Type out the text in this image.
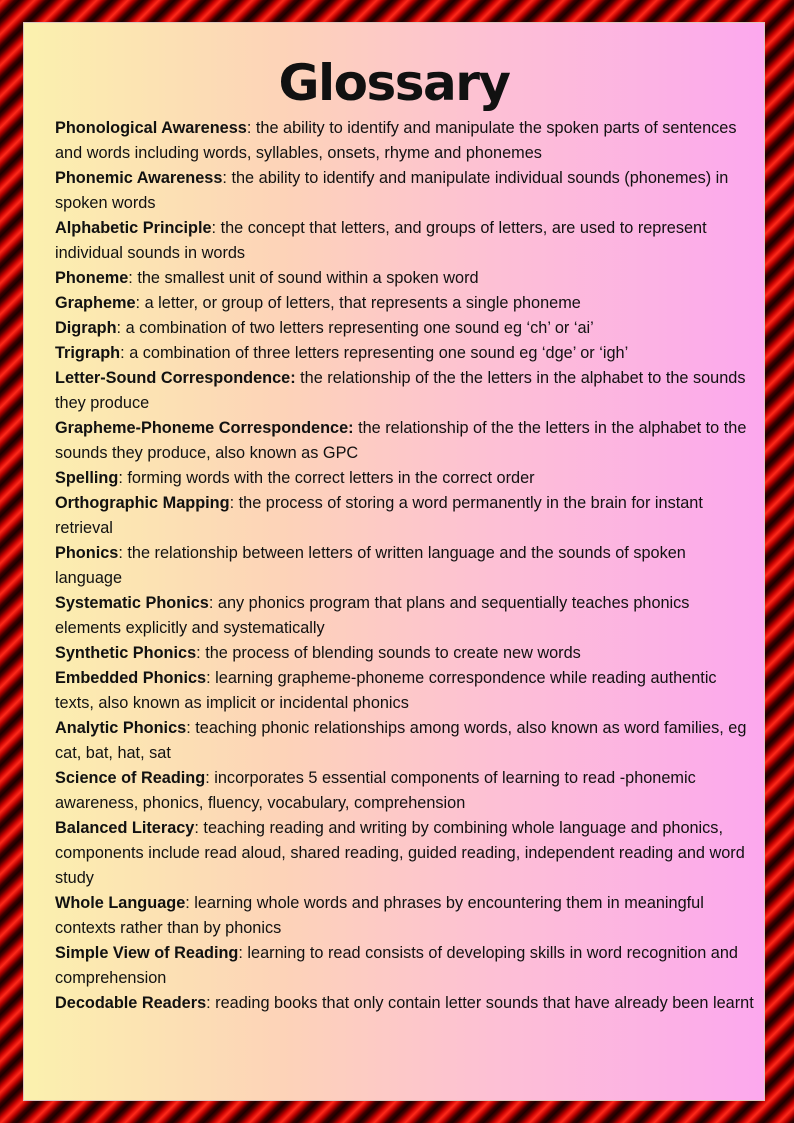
Glossary
Phonological Awareness: the ability to identify and manipulate the spoken parts of sentences and words including words, syllables, onsets, rhyme and phonemes
Phonemic Awareness: the ability to identify and manipulate individual sounds (phonemes) in spoken words
Alphabetic Principle: the concept that letters, and groups of letters, are used to represent individual sounds in words
Phoneme: the smallest unit of sound within a spoken word
Grapheme: a letter, or group of letters, that represents a single phoneme
Digraph: a combination of two letters representing one sound eg ‘ch’ or ‘ai’
Trigraph: a combination of three letters representing one sound eg ‘dge’ or ‘igh’
Letter-Sound Correspondence: the relationship of the the letters in the alphabet to the sounds they produce
Grapheme-Phoneme Correspondence: the relationship of the the letters in the alphabet to the sounds they produce, also known as GPC
Spelling: forming words with the correct letters in the correct order
Orthographic Mapping: the process of storing a word permanently in the brain for instant retrieval
Phonics: the relationship between letters of written language and the sounds of spoken language
Systematic Phonics: any phonics program that plans and sequentially teaches phonics elements explicitly and systematically
Synthetic Phonics: the process of blending sounds to create new words
Embedded Phonics: learning grapheme-phoneme correspondence while reading authentic texts, also known as implicit or incidental phonics
Analytic Phonics: teaching phonic relationships among words, also known as word families, eg cat, bat, hat, sat
Science of Reading: incorporates 5 essential components of learning to read -phonemic awareness, phonics, fluency, vocabulary, comprehension
Balanced Literacy: teaching reading and writing by combining whole language and phonics, components include read aloud, shared reading, guided reading, independent reading and word study
Whole Language: learning whole words and phrases by encountering them in meaningful contexts rather than by phonics
Simple View of Reading: learning to read consists of developing skills in word recognition and comprehension
Decodable Readers: reading books that only contain letter sounds that have already been learnt
